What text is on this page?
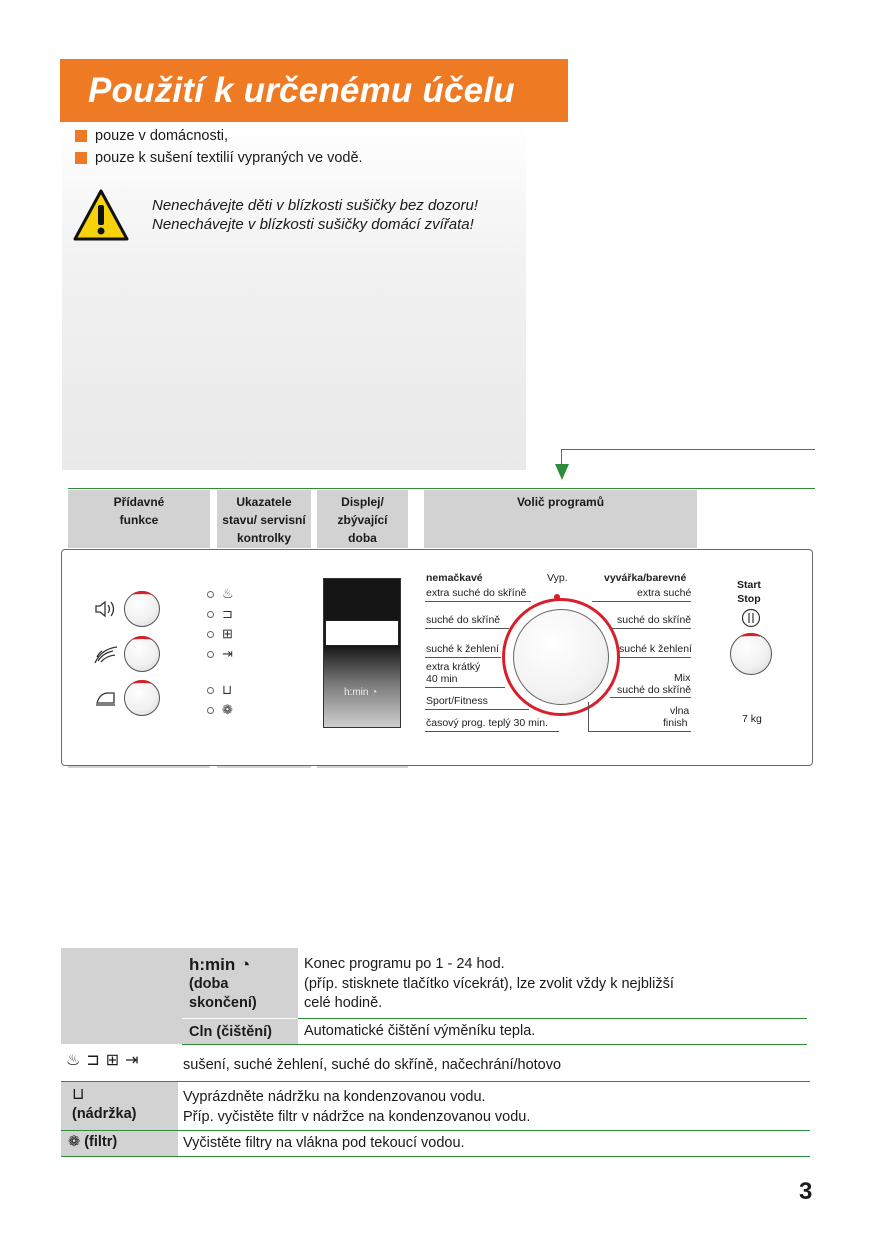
Použití k určenému účelu
pouze v domácnosti,
pouze k sušení textilií vypraných ve vodě.
Nenechávejte děti v blízkosti sušičky bez dozoru!
Nenechávejte v blízkosti sušičky domácí zvířata!
Přídavné
funkce
Ukazatele
stavu/ servisní
kontrolky
Displej/
zbývající
doba
Volič programů
♨
⊐
⊞
⇥
⊔
❁
h:min ◔
nemačkavé
extra suché do skříně
suché do skříně
suché k žehlení
extra krátký
40 min
Sport/Fitness
časový prog. teplý 30 min.
Vyp.	vyvářka/barevné
extra suché
suché do skříně
suché k žehlení
Mix
suché do skříně
vlna
finish
Start
Stop
7 kg
h:min ◔
(doba
skončení)
Konec programu po 1 - 24 hod.
(příp. stisknete tlačítko vícekrát), lze zvolit vždy k nejbližší
celé hodině.
Cln (čištění) Automatické čištění výměníku tepla.
♨⊐⊞⇥	sušení, suché žehlení, suché do skříně, načechrání/hotovo
⊔
(nádržka)
Vyprázdněte nádržku na kondenzovanou vodu.
Příp. vyčistěte filtr v nádržce na kondenzovanou vodu.
❁ (filtr)	Vyčistěte filtry na vlákna pod tekoucí vodou.
3
